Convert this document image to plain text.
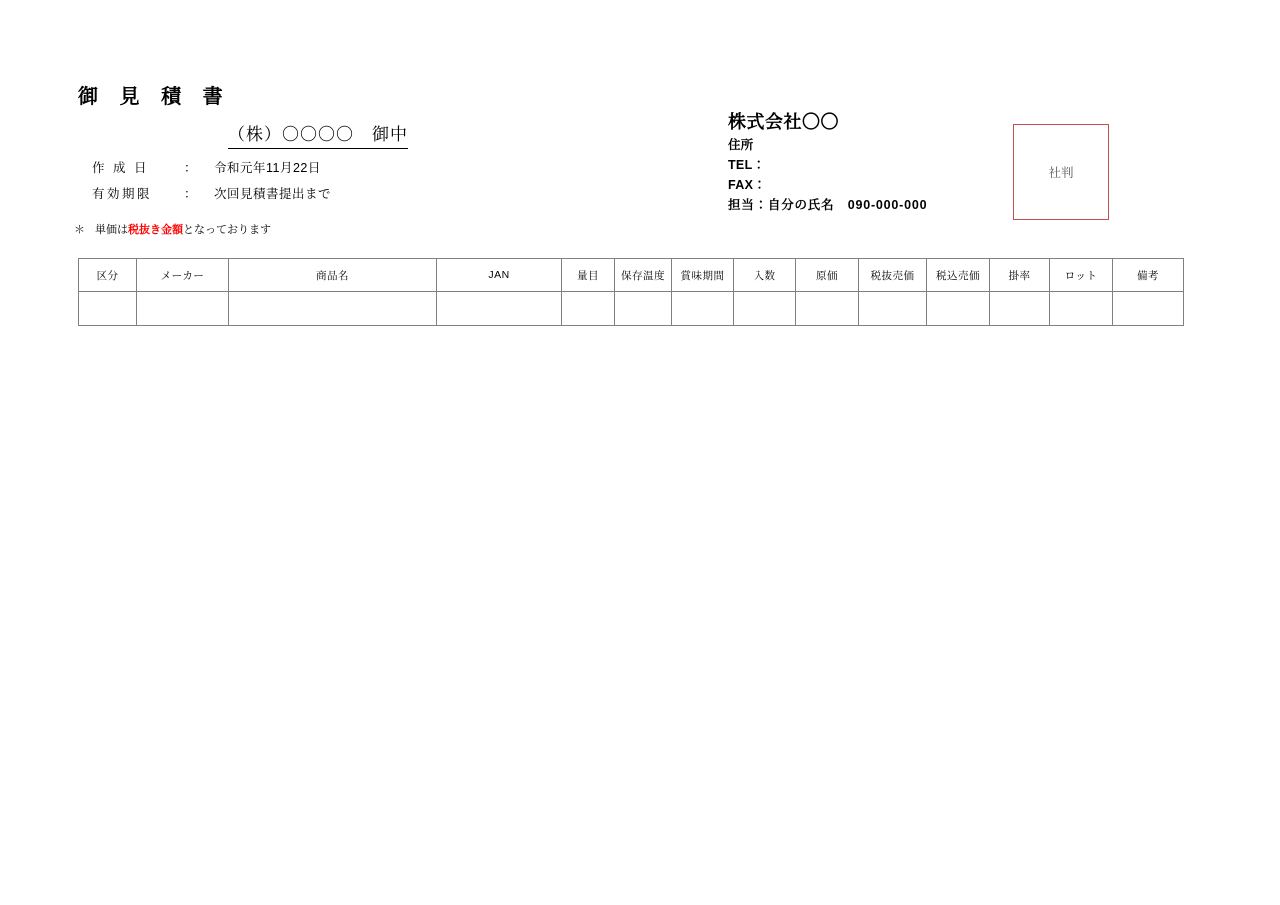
御 見 積 書
（株）〇〇〇〇　御中
作 成 日	：	令和元年11月22日
有効期限	：	次回見積書提出まで
＊ 単価は税抜き金額となっております
株式会社〇〇
住所
TEL：
FAX：
担当：自分の氏名　090-000-000
社判
区分	メーカー	商品名	JAN	量目	保存温度	賞味期間	入数	原価	税抜売価	税込売価	掛率	ロット	備考
